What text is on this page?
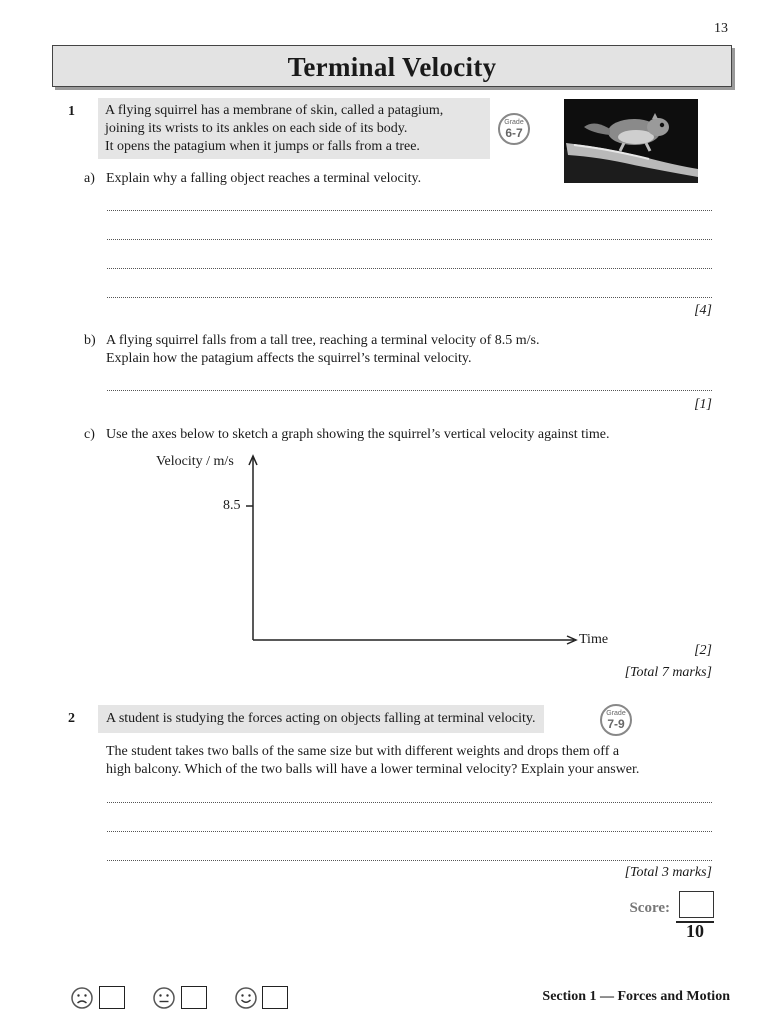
13
Terminal Velocity
1 A flying squirrel has a membrane of skin, called a patagium,
joining its wrists to its ankles on each side of its body.
It opens the patagium when it jumps or falls from a tree.
Grade
6-7
a) Explain why a falling object reaches a terminal velocity.
[4]
b) A flying squirrel falls from a tall tree, reaching a terminal velocity of 8.5 m/s.
Explain how the patagium affects the squirrel’s terminal velocity.
[1]
c) Use the axes below to sketch a graph showing the squirrel’s vertical velocity against time.
Velocity / m/s
8.5
Time
[2]
[Total 7 marks]
2	A student is studying the forces acting on objects falling at terminal velocity.	Grade
7-9
The student takes two balls of the same size but with different weights and drops them off a
high balcony. Which of the two balls will have a lower terminal velocity? Explain your answer.
[Total 3 marks]
Score:
10
Section 1 — Forces and Motion
